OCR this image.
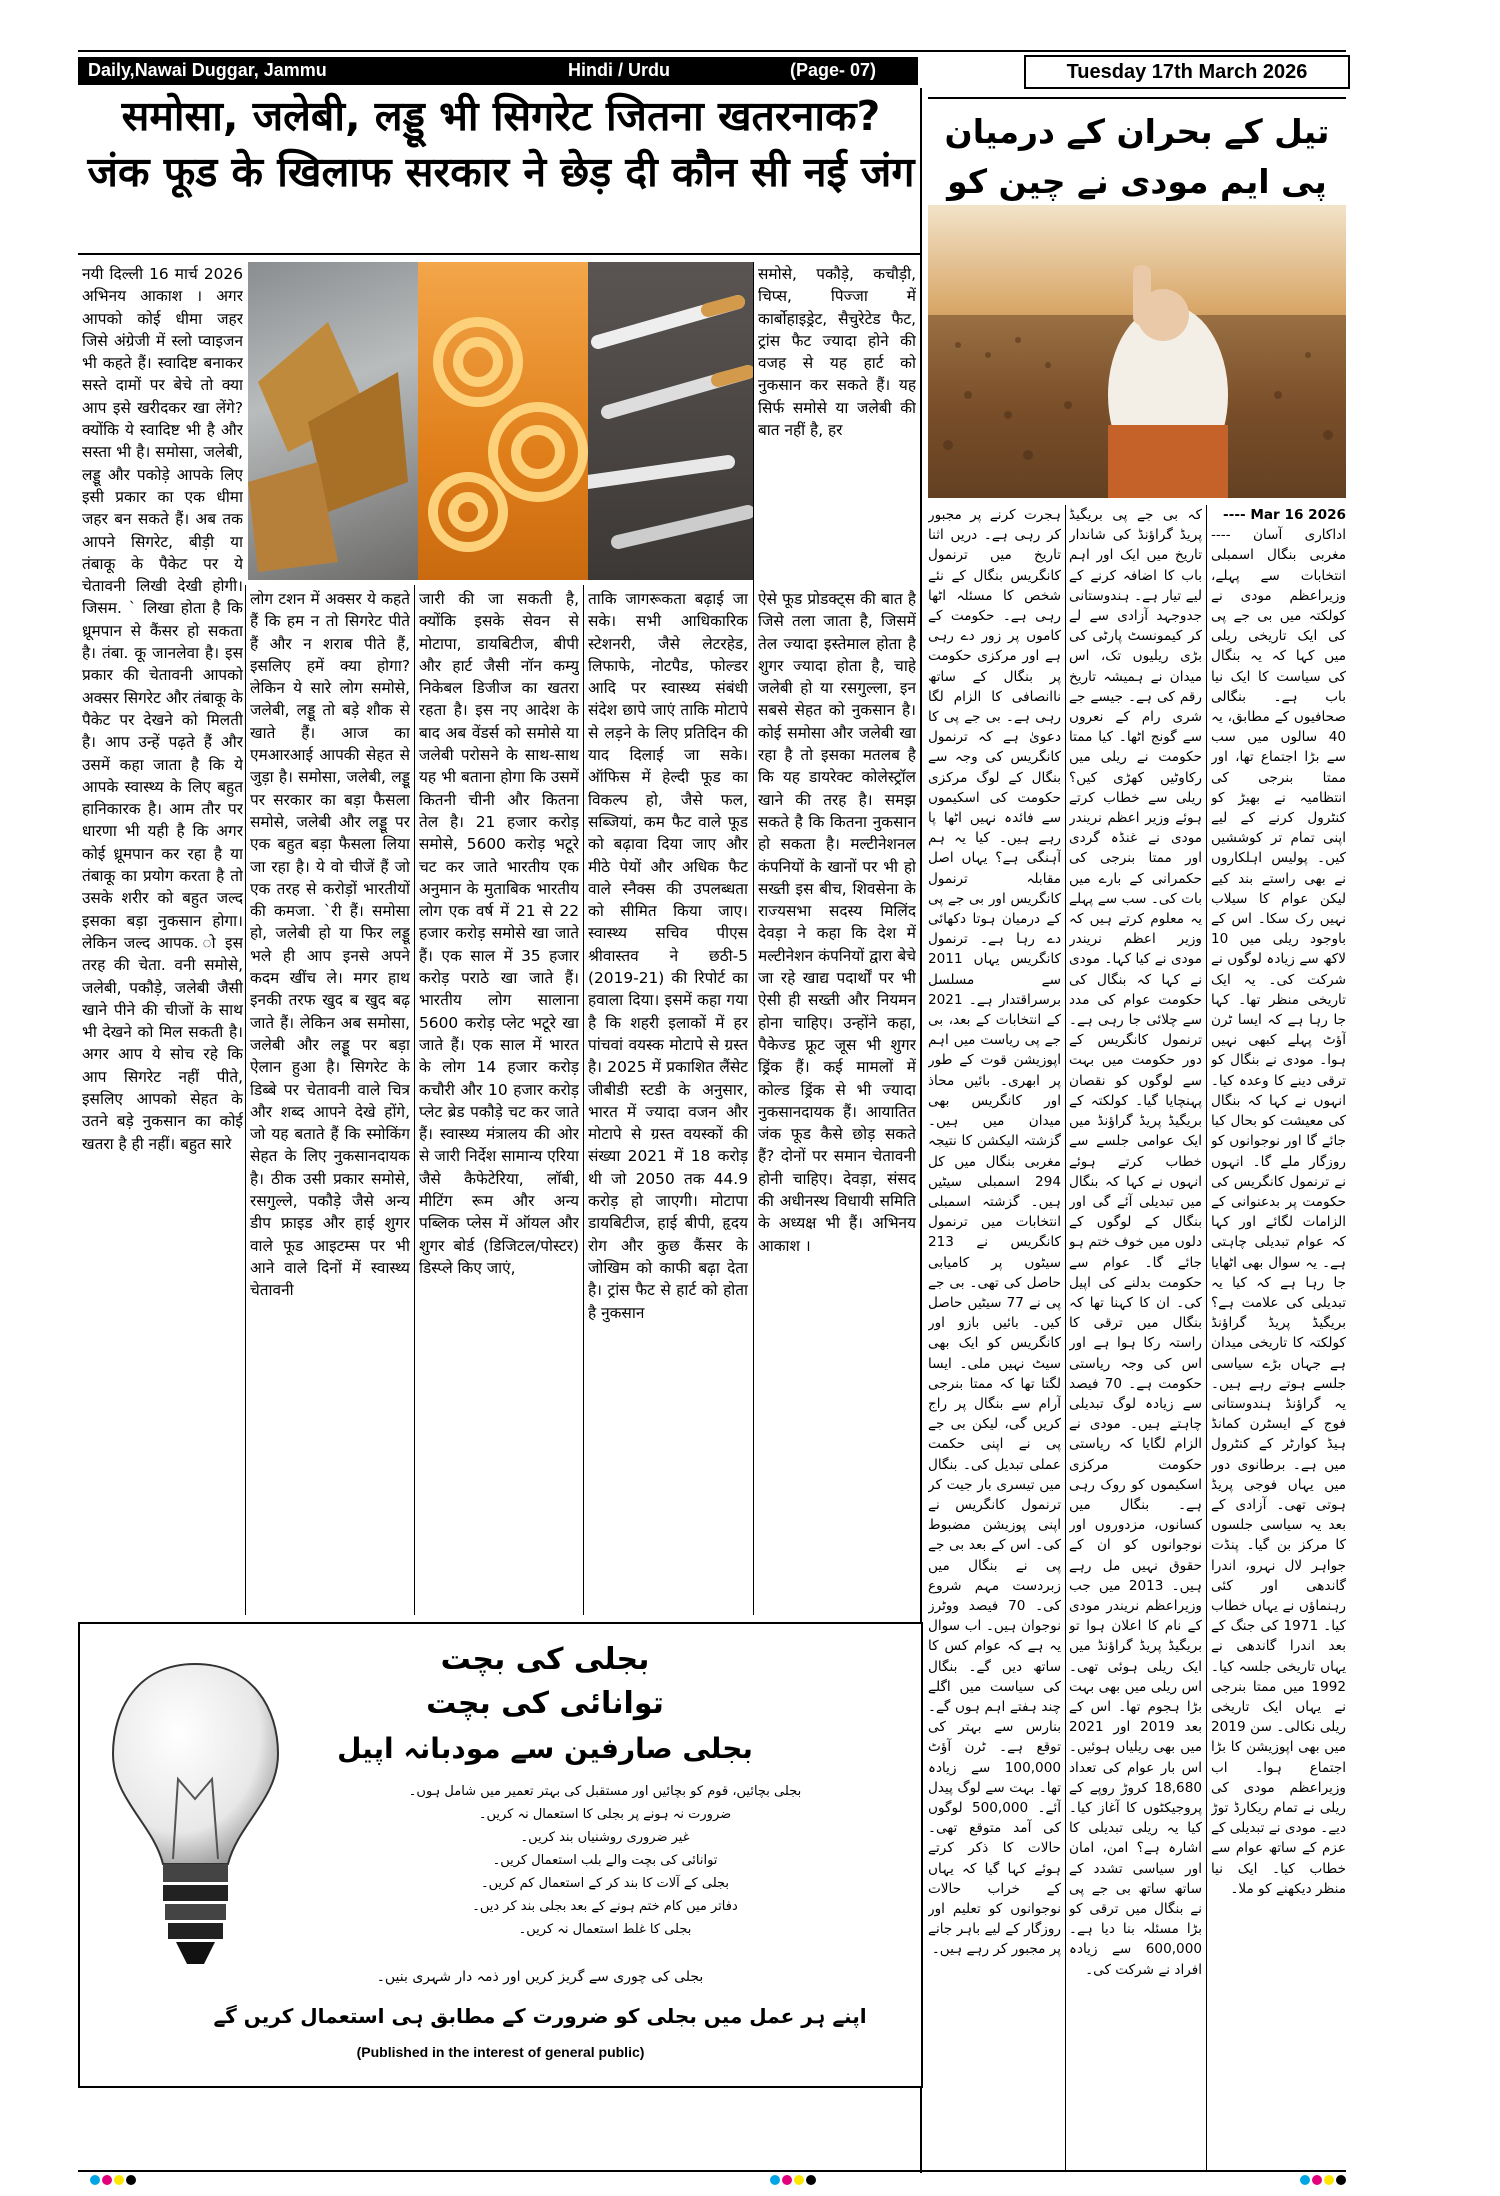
Daily,Nawai Duggar, Jammu	Hindi / Urdu	(Page- 07)	Tuesday 17th March 2026
समोसा, जलेबी, लड्डू भी सिगरेट जितना खतरनाक? जंक फूड के खिलाफ सरकार ने छेड़ दी कौन सी नई जंग
नयी दिल्ली 16 मार्च 2026 अभिनय आकाश । अगर आपको कोई धीमा जहर जिसे अंग्रेजी में स्लो प्वाइजन भी कहते हैं। स्वादिष्ट बनाकर सस्ते दामों पर बेचे तो क्या आप इसे खरीदकर खा लेंगे? क्योंकि ये स्वादिष्ट भी है और सस्ता भी है। समोसा, जलेबी, लड्डू और पकोड़े आपके लिए इसी प्रकार का एक धीमा जहर बन सकते हैं। अब तक आपने सिगरेट, बीड़ी या तंबाकू के पैकेट पर ये चेतावनी लिखी देखी होगी। जिसम. ` लिखा होता है कि ध्रूमपान से कैंसर हो सकता है। तंबा. कू जानलेवा है। इस प्रकार की चेतावनी आपको अक्सर सिगरेट और तंबाकू के पैकेट पर देखने को मिलती है। आप उन्हें पढ़ते हैं और उसमें कहा जाता है कि ये आपके स्वास्थ्य के लिए बहुत हानिकारक है। आम तौर पर धारणा भी यही है कि अगर कोई ध्रूमपान कर रहा है या तंबाकू का प्रयोग करता है तो उसके शरीर को बहुत जल्द इसका बड़ा नुकसान होगा। लेकिन जल्द आपक. ो इस तरह की चेता. वनी समोसे, जलेबी, पकौड़े, जलेबी जैसी खाने पीने की चीजों के साथ भी देखने को मिल सकती है। अगर आप ये सोच रहे कि आप सिगरेट नहीं पीते, इसलिए आपको सेहत के उतने बड़े नुकसान का कोई खतरा है ही नहीं। बहुत सारे
लोग टशन में अक्सर ये कहते हैं कि हम न तो सिगरेट पीते हैं और न शराब पीते हैं, इसलिए हमें क्या होगा? लेकिन ये सारे लोग समोसे, जलेबी, लड्डू तो बड़े शौक से खाते हैं। आज का एमआरआई आपकी सेहत से जुड़ा है। समोसा, जलेबी, लड्डू पर सरकार का बड़ा फैसला समोसे, जलेबी और लड्डू पर एक बहुत बड़ा फैसला लिया जा रहा है। ये वो चीजें हैं जो एक तरह से करोड़ों भारतीयों की कमजा. `री हैं। समोसा हो, जलेबी हो या फिर लड्डू भले ही आप इनसे अपने कदम खींच ले। मगर हाथ इनकी तरफ खुद ब खुद बढ़ जाते हैं। लेकिन अब समोसा, जलेबी और लड्डू पर बड़ा ऐलान हुआ है। सिगरेट के डिब्बे पर चेतावनी वाले चित्र और शब्द आपने देखे होंगे, जो यह बताते हैं कि स्मोकिंग सेहत के लिए नुकसानदायक है। ठीक उसी प्रकार समोसे, रसगुल्ले, पकौड़े जैसे अन्य डीप फ्राइड और हाई शुगर वाले फूड आइटम्स पर भी आने वाले दिनों में स्वास्थ्य चेतावनी
जारी की जा सकती है, क्योंकि इसके सेवन से मोटापा, डायबिटीज, बीपी और हार्ट जैसी नॉन कम्यु निकेबल डिजीज का खतरा रहता है। इस नए आदेश के बाद अब वेंडर्स को समोसे या जलेबी परोसने के साथ-साथ यह भी बताना होगा कि उसमें कितनी चीनी और कितना तेल है। 21 हजार करोड़ समोसे, 5600 करोड़ भटूरे चट कर जाते भारतीय एक अनुमान के मुताबिक भारतीय लोग एक वर्ष में 21 से 22 हजार करोड़ समोसे खा जाते हैं। एक साल में 35 हजार करोड़ पराठे खा जाते हैं। भारतीय लोग सालाना 5600 करोड़ प्लेट भटूरे खा जाते हैं। एक साल में भारत के लोग 14 हजार करोड़ कचौरी और 10 हजार करोड़ प्लेट ब्रेड पकौड़े चट कर जाते हैं। स्वास्थ्य मंत्रालय की ओर से जारी निर्देश सामान्य एरिया जैसे कैफेटेरिया, लॉबी, मीटिंग रूम और अन्य पब्लिक प्लेस में ऑयल और शुगर बोर्ड (डिजिटल/पोस्टर) डिस्प्ले किए जाएं,
ताकि जागरूकता बढ़ाई जा सके। सभी आधिकारिक स्टेशनरी, जैसे लेटरहेड, लिफाफे, नोटपैड, फोल्डर आदि पर स्वास्थ्य संबंधी संदेश छापे जाएं ताकि मोटापे से लड़ने के लिए प्रतिदिन की याद दिलाई जा सके। ऑफिस में हेल्दी फूड का विकल्प हो, जैसे फल, सब्जियां, कम फैट वाले फूड को बढ़ावा दिया जाए और मीठे पेयों और अधिक फैट वाले स्नैक्स की उपलब्धता को सीमित किया जाए। स्वास्थ्य सचिव पीएस श्रीवास्तव ने छठी-5 (2019-21) की रिपोर्ट का हवाला दिया। इसमें कहा गया है कि शहरी इलाकों में हर पांचवां वयस्क मोटापे से ग्रस्त है। 2025 में प्रकाशित लैंसेट जीबीडी स्टडी के अनुसार, भारत में ज्यादा वजन और मोटापे से ग्रस्त वयस्कों की संख्या 2021 में 18 करोड़ थी जो 2050 तक 44.9 करोड़ हो जाएगी। मोटापा डायबिटीज, हाई बीपी, हृदय रोग और कुछ कैंसर के जोखिम को काफी बढ़ा देता है। ट्रांस फैट से हार्ट को होता है नुकसान
समोसे, पकौड़े, कचौड़ी, चिप्स, पिज्जा में कार्बोहाइड्रेट, सैचुरेटेड फैट, ट्रांस फैट ज्यादा होने की वजह से यह हार्ट को नुकसान कर सकते हैं। यह सिर्फ समोसे या जलेबी की बात नहीं है, हर
ऐसे फूड प्रोडक्ट्स की बात है जिसे तला जाता है, जिसमें तेल ज्यादा इस्तेमाल होता है शुगर ज्यादा होता है, चाहे जलेबी हो या रसगुल्ला, इन सबसे सेहत को नुकसान है। कोई समोसा और जलेबी खा रहा है तो इसका मतलब है कि यह डायरेक्ट कोलेस्ट्रॉल खाने की तरह है। समझ सकते है कि कितना नुकसान हो सकता है। मल्टीनेशनल कंपनियों के खानों पर भी हो सख्ती इस बीच, शिवसेना के राज्यसभा सदस्य मिलिंद देवड़ा ने कहा कि देश में मल्टीनेशन कंपनियों द्वारा बेचे जा रहे खाद्य पदार्थों पर भी ऐसी ही सख्ती और नियमन होना चाहिए। उन्होंने कहा, पैकेज्ड फ्रूट जूस भी शुगर ड्रिंक हैं। कई मामलों में कोल्ड ड्रिंक से भी ज्यादा नुकसानदायक हैं। आयातित जंक फूड कैसे छोड़ सकते हैं? दोनों पर समान चेतावनी होनी चाहिए। देवड़ा, संसद की अधीनस्थ विधायी समिति के अध्यक्ष भी हैं। अभिनय आकाश ।
تیل کے بحران کے درمیان پی ایم مودی نے چین کو
2026 Mar 16 ----
اداکاری آسان ---- مغربی بنگال اسمبلی انتخابات سے پہلے، وزیراعظم مودی نے کولکتہ میں بی جے پی کی ایک تاریخی ریلی میں کہا کہ یہ بنگال کی سیاست کا ایک نیا باب ہے۔ بنگالی صحافیوں کے مطابق، یہ 40 سالوں میں سب سے بڑا اجتماع تھا، اور ممتا بنرجی کی انتظامیہ نے بھیڑ کو کنٹرول کرنے کے لیے اپنی تمام تر کوششیں کیں۔ پولیس اہلکاروں نے بھی راستے بند کیے لیکن عوام کا سیلاب نہیں رک سکا۔ اس کے باوجود ریلی میں 10 لاکھ سے زیادہ لوگوں نے شرکت کی۔ یہ ایک تاریخی منظر تھا۔ کہا جا رہا ہے کہ ایسا ٹرن آؤٹ پہلے کبھی نہیں ہوا۔ مودی نے بنگال کو ترقی دینے کا وعدہ کیا۔ انہوں نے کہا کہ بنگال کی معیشت کو بحال کیا جائے گا اور نوجوانوں کو روزگار ملے گا۔ انہوں نے ترنمول کانگریس کی حکومت پر بدعنوانی کے الزامات لگائے اور کہا کہ عوام تبدیلی چاہتی ہے۔ یہ سوال بھی اٹھایا جا رہا ہے کہ کیا یہ تبدیلی کی علامت ہے؟ بریگیڈ پریڈ گراؤنڈ کولکتہ کا تاریخی میدان ہے جہاں بڑے سیاسی جلسے ہوتے رہے ہیں۔ یہ گراؤنڈ ہندوستانی فوج کے ایسٹرن کمانڈ ہیڈ کوارٹر کے کنٹرول میں ہے۔ برطانوی دور میں یہاں فوجی پریڈ ہوتی تھی۔ آزادی کے بعد یہ سیاسی جلسوں کا مرکز بن گیا۔ پنڈت جواہر لال نہرو، اندرا گاندھی اور کئی رہنماؤں نے یہاں خطاب کیا۔ 1971 کی جنگ کے بعد اندرا گاندھی نے یہاں تاریخی جلسہ کیا۔ 1992 میں ممتا بنرجی نے یہاں ایک تاریخی ریلی نکالی۔ سن 2019 میں بھی اپوزیشن کا بڑا اجتماع ہوا۔ اب وزیراعظم مودی کی ریلی نے تمام ریکارڈ توڑ دیے۔ مودی نے تبدیلی کے عزم کے ساتھ عوام سے خطاب کیا۔ ایک نیا منظر دیکھنے کو ملا۔
کہ بی جے پی بریگیڈ پریڈ گراؤنڈ کی شاندار تاریخ میں ایک اور اہم باب کا اضافہ کرنے کے لیے تیار ہے۔ ہندوستانی جدوجہد آزادی سے لے کر کیمونسٹ پارٹی کی بڑی ریلیوں تک، اس میدان نے ہمیشہ تاریخ رقم کی ہے۔ جیسے جے شری رام کے نعروں سے گونج اٹھا۔ کیا ممتا حکومت نے ریلی میں رکاوٹیں کھڑی کیں؟ ریلی سے خطاب کرتے ہوئے وزیر اعظم نریندر مودی نے غنڈہ گردی اور ممتا بنرجی کی حکمرانی کے بارے میں بات کی۔ سب سے پہلے یہ معلوم کرتے ہیں کہ وزیر اعظم نریندر مودی نے کیا کہا۔ مودی نے کہا کہ بنگال کی حکومت عوام کی مدد سے چلائی جا رہی ہے۔ ترنمول کانگریس کے دور حکومت میں بہت سے لوگوں کو نقصان پہنچایا گیا۔ کولکتہ کے بریگیڈ پریڈ گراؤنڈ میں ایک عوامی جلسے سے خطاب کرتے ہوئے انہوں نے کہا کہ بنگال میں تبدیلی آئے گی اور بنگال کے لوگوں کے دلوں میں خوف ختم ہو جائے گا۔ عوام سے حکومت بدلنے کی اپیل کی۔ ان کا کہنا تھا کہ بنگال میں ترقی کا راستہ رکا ہوا ہے اور اس کی وجہ ریاستی حکومت ہے۔ 70 فیصد سے زیادہ لوگ تبدیلی چاہتے ہیں۔ مودی نے الزام لگایا کہ ریاستی حکومت مرکزی اسکیموں کو روک رہی ہے۔ بنگال میں کسانوں، مزدوروں اور نوجوانوں کو ان کے حقوق نہیں مل رہے ہیں۔ 2013 میں جب وزیراعظم نریندر مودی کے نام کا اعلان ہوا تو بریگیڈ پریڈ گراؤنڈ میں ایک ریلی ہوئی تھی۔ اس ریلی میں بھی بہت بڑا ہجوم تھا۔ اس کے بعد 2019 اور 2021 میں بھی ریلیاں ہوئیں۔ اس بار عوام کی تعداد 18,680 کروڑ روپے کے پروجیکٹوں کا آغاز کیا۔ کیا یہ ریلی تبدیلی کا اشارہ ہے؟ امن، امان اور سیاسی تشدد کے ساتھ ساتھ بی جے پی نے بنگال میں ترقی کو بڑا مسئلہ بنا دیا ہے۔ 600,000 سے زیادہ افراد نے شرکت کی۔
ہجرت کرنے پر مجبور کر رہی ہے۔ دریں اثنا تاریخ میں ترنمول کانگریس بنگال کے نئے شخص کا مسئلہ اٹھا رہی ہے۔ حکومت کے کاموں پر زور دے رہی ہے اور مرکزی حکومت پر بنگال کے ساتھ ناانصافی کا الزام لگا رہی ہے۔ بی جے پی کا دعویٰ ہے کہ ترنمول کانگریس کی وجہ سے بنگال کے لوگ مرکزی حکومت کی اسکیموں سے فائدہ نہیں اٹھا پا رہے ہیں۔ کیا یہ ہم آہنگی ہے؟ یہاں اصل مقابلہ ترنمول کانگریس اور بی جے پی کے درمیان ہوتا دکھائی دے رہا ہے۔ ترنمول کانگریس یہاں 2011 سے مسلسل برسراقتدار ہے۔ 2021 کے انتخابات کے بعد، بی جے پی ریاست میں اہم اپوزیشن قوت کے طور پر ابھری۔ بائیں محاذ اور کانگریس بھی میدان میں ہیں۔ گزشتہ الیکشن کا نتیجہ مغربی بنگال میں کل 294 اسمبلی سیٹیں ہیں۔ گزشتہ اسمبلی انتخابات میں ترنمول کانگریس نے 213 سیٹوں پر کامیابی حاصل کی تھی۔ بی جے پی نے 77 سیٹیں حاصل کیں۔ بائیں بازو اور کانگریس کو ایک بھی سیٹ نہیں ملی۔ ایسا لگتا تھا کہ ممتا بنرجی آرام سے بنگال پر راج کریں گی، لیکن بی جے پی نے اپنی حکمت عملی تبدیل کی۔ بنگال میں تیسری بار جیت کر ترنمول کانگریس نے اپنی پوزیشن مضبوط کی۔ اس کے بعد بی جے پی نے بنگال میں زبردست مہم شروع کی۔ 70 فیصد ووٹرز نوجوان ہیں۔ اب سوال یہ ہے کہ عوام کس کا ساتھ دیں گے۔ بنگال کی سیاست میں اگلے چند ہفتے اہم ہوں گے۔ بنارس سے بہتر کی توقع ہے۔ ٹرن آؤٹ 100,000 سے زیادہ تھا۔ بہت سے لوگ پیدل آئے۔ 500,000 لوگوں کی آمد متوقع تھی۔ حالات کا ذکر کرتے ہوئے کہا گیا کہ یہاں کے خراب حالات نوجوانوں کو تعلیم اور روزگار کے لیے باہر جانے پر مجبور کر رہے ہیں۔
بجلی کی بچت
توانائی کی بچت
بجلی صارفین سے مودبانہ اپیل
بجلی بچائیں، قوم کو بچائیں اور مستقبل کی بہتر تعمیر میں شامل ہوں۔
ضرورت نہ ہونے پر بجلی کا استعمال نہ کریں۔
غیر ضروری روشنیاں بند کریں۔
توانائی کی بچت والے بلب استعمال کریں۔
بجلی کے آلات کا بند کر کے استعمال کم کریں۔
دفاتر میں کام ختم ہونے کے بعد بجلی بند کر دیں۔
بجلی کا غلط استعمال نہ کریں۔
بجلی کی چوری سے گریز کریں اور ذمہ دار شہری بنیں۔
اپنے ہر عمل میں بجلی کو ضرورت کے مطابق ہی استعمال کریں گے
(Published in the interest of general public)
